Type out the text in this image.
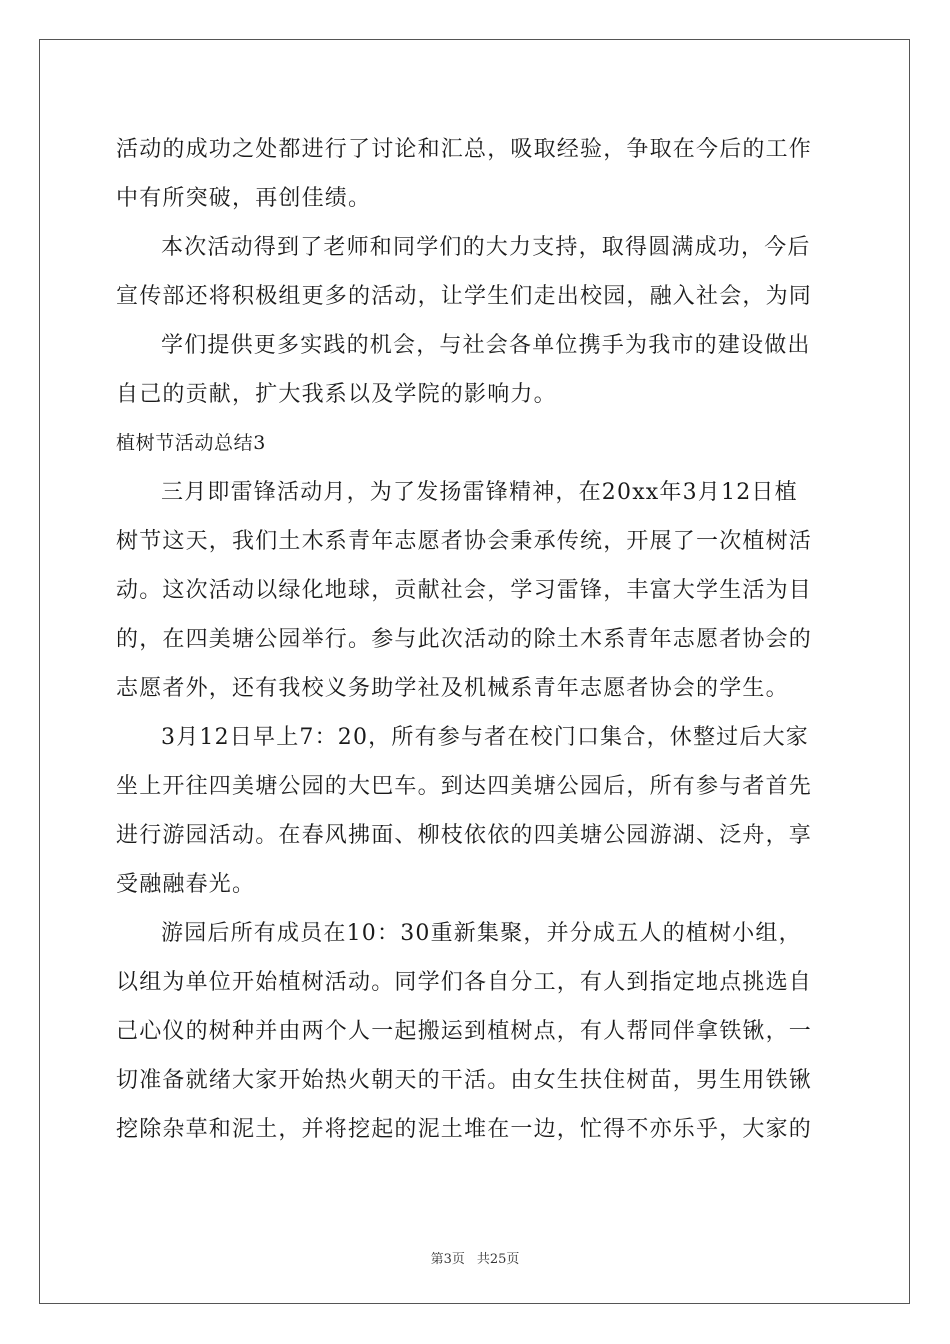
活动的成功之处都进行了讨论和汇总，吸取经验，争取在今后的工作
中有所突破，再创佳绩。
本次活动得到了老师和同学们的大力支持，取得圆满成功，今后
宣传部还将积极组更多的活动，让学生们走出校园，融入社会，为同
学们提供更多实践的机会，与社会各单位携手为我市的建设做出
自己的贡献，扩大我系以及学院的影响力。
植树节活动总结3
三月即雷锋活动月，为了发扬雷锋精神，在20xx年3月12日植
树节这天，我们土木系青年志愿者协会秉承传统，开展了一次植树活
动。这次活动以绿化地球，贡献社会，学习雷锋，丰富大学生活为目
的，在四美塘公园举行。参与此次活动的除土木系青年志愿者协会的
志愿者外，还有我校义务助学社及机械系青年志愿者协会的学生。
3月12日早上7：20，所有参与者在校门口集合，休整过后大家
坐上开往四美塘公园的大巴车。到达四美塘公园后，所有参与者首先
进行游园活动。在春风拂面、柳枝依依的四美塘公园游湖、泛舟，享
受融融春光。
游园后所有成员在10：30重新集聚，并分成五人的植树小组，
以组为单位开始植树活动。同学们各自分工，有人到指定地点挑选自
己心仪的树种并由两个人一起搬运到植树点，有人帮同伴拿铁锹，一
切准备就绪大家开始热火朝天的干活。由女生扶住树苗，男生用铁锹
挖除杂草和泥土，并将挖起的泥土堆在一边，忙得不亦乐乎，大家的
第3页 共25页
